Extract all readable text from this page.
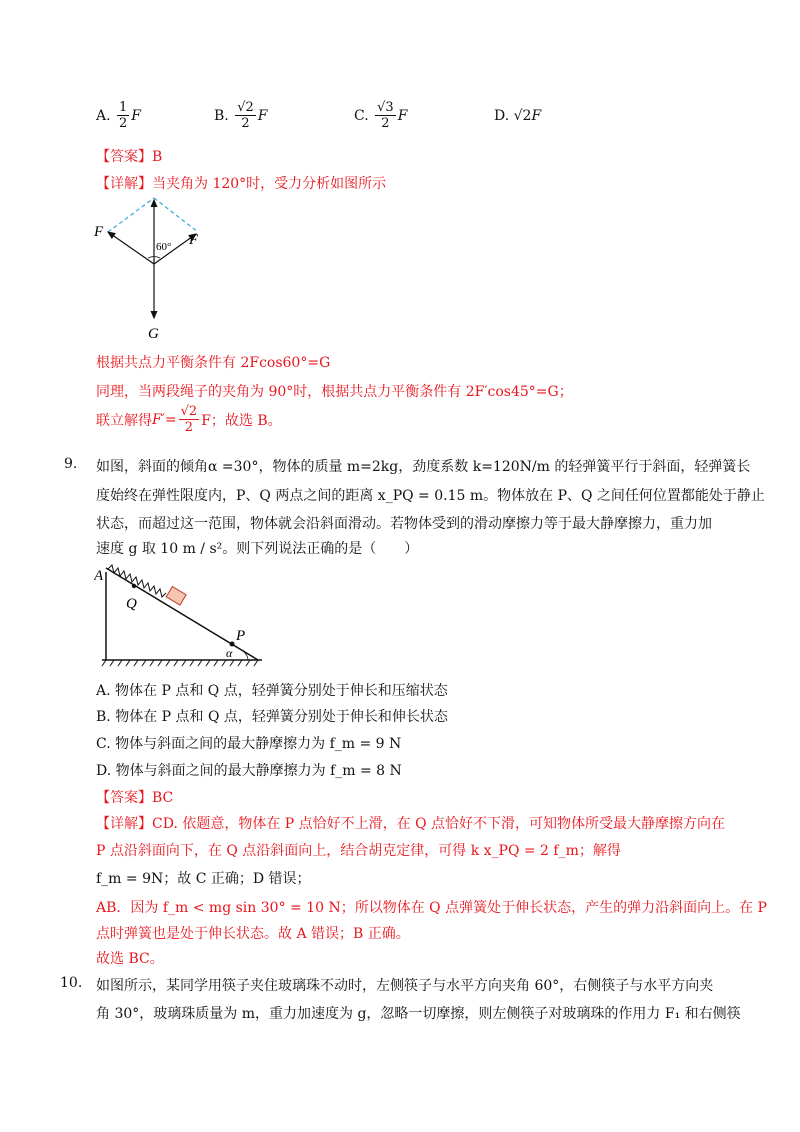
A.
$\frac{1}{2}$ F	B.
$\frac{√2}{2}$ F	C.
$\frac{√3}{2}$ F	D.
√2 F
【答案】B
【详解】当夹角为 120°时，受力分析如图所示
60°
F	F
G
根据共点力平衡条件有 2Fcos60°=G
同理，当两段绳子的夹角为 90°时，根据共点力平衡条件有 2F′cos45°=G；
联立解得 $F'= \frac{√2}{2}$ F；故选 B。
9. 如图，斜面的倾角α =30°，物体的质量 m=2kg，劲度系数 k=120N/m 的轻弹簧平行于斜面，轻弹簧长
度始终在弹性限度内，P、Q 两点之间的距离 x_PQ = 0.15 m。物体放在 P、Q 之间任何位置都能处于静止
状态，而超过这一范围，物体就会沿斜面滑动。若物体受到的滑动摩擦力等于最大静摩擦力，重力加
速度 g 取 10 m / s²。则下列说法正确的是（　　）
A
Q
P
α
A. 物体在 P 点和 Q 点，轻弹簧分别处于伸长和压缩状态
B. 物体在 P 点和 Q 点，轻弹簧分别处于伸长和伸长状态
C. 物体与斜面之间的最大静摩擦力为 f_m = 9 N
D. 物体与斜面之间的最大静摩擦力为 f_m = 8 N
【答案】BC
【详解】CD. 依题意，物体在 P 点恰好不上滑，在 Q 点恰好不下滑，可知物体所受最大静摩擦方向在
P 点沿斜面向下，在 Q 点沿斜面向上，结合胡克定律，可得 k x_PQ = 2 f_m；解得
f_m = 9N；故 C 正确；D 错误；
AB．因为 f_m < mg sin 30° = 10 N；所以物体在 Q 点弹簧处于伸长状态，产生的弹力沿斜面向上。在 P
点时弹簧也是处于伸长状态。故 A 错误；B 正确。
故选 BC。
10. 如图所示，某同学用筷子夹住玻璃珠不动时，左侧筷子与水平方向夹角 60°，右侧筷子与水平方向夹
角 30°，玻璃珠质量为 m，重力加速度为 g，忽略一切摩擦，则左侧筷子对玻璃珠的作用力 F₁ 和右侧筷
